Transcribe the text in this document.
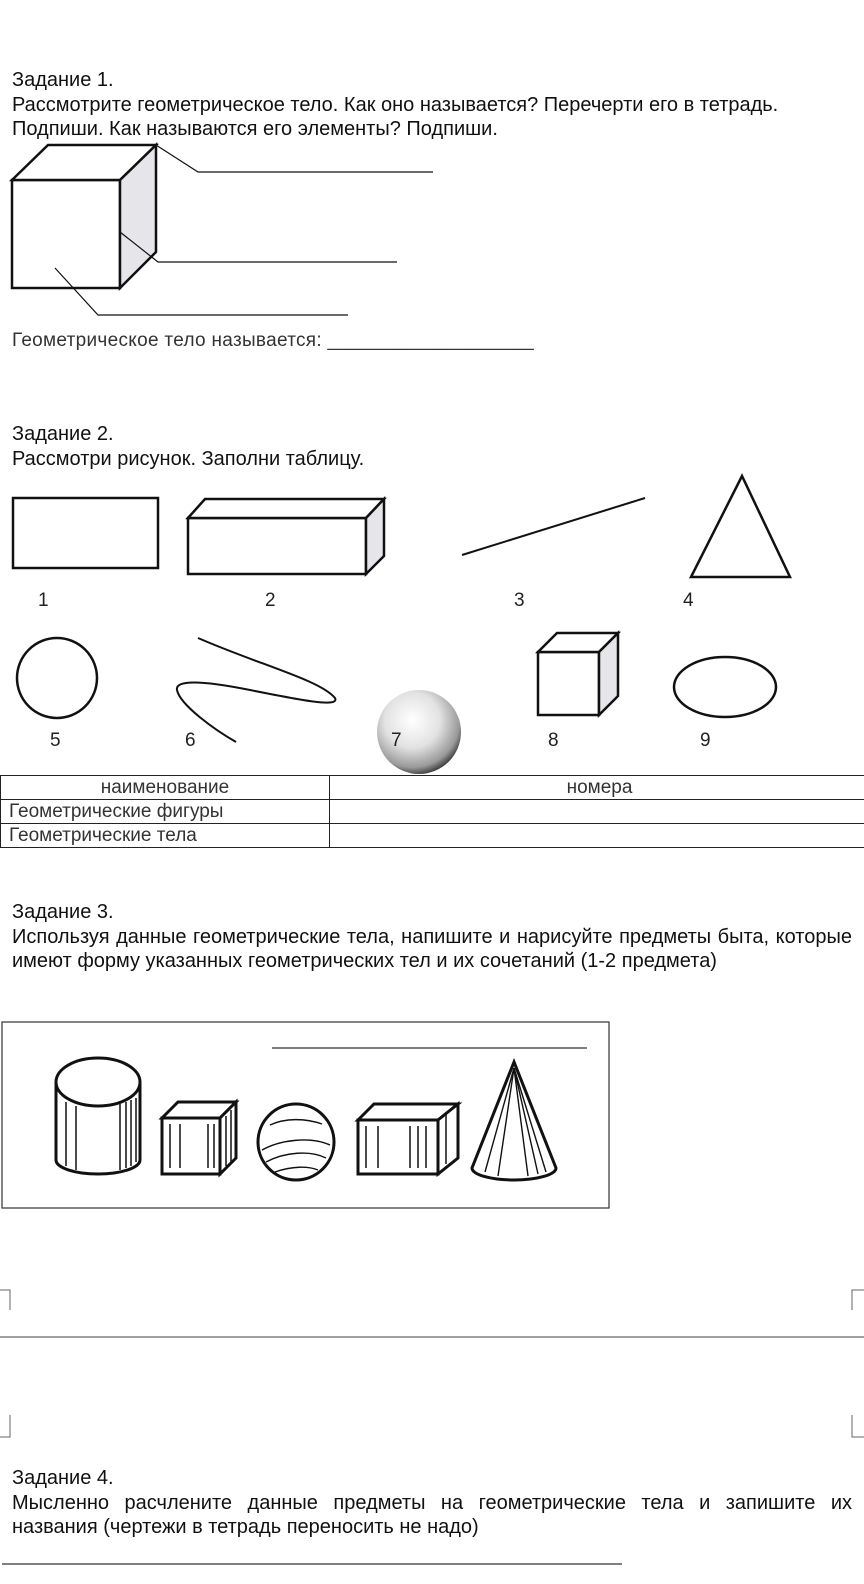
Задание 1.
Рассмотрите геометрическое тело. Как оно называется? Перечерти его в тетрадь. Подпиши. Как называются его элементы? Подпиши.
Геометрическое тело называется: ___________________
Задание 2.
Рассмотри рисунок. Заполни таблицу.
1	2	3	4
5	6	7	8	9
наименование	номера
Геометрические фигуры	
Геометрические тела	
Задание 3.
Используя данные геометрические тела, напишите и нарисуйте предметы быта, которые имеют форму указанных геометрических тел и их сочетаний (1-2 предмета)
Задание 4.
Мысленно расчлените данные предметы на геометрические тела и запишите их названия (чертежи в тетрадь переносить не надо)
